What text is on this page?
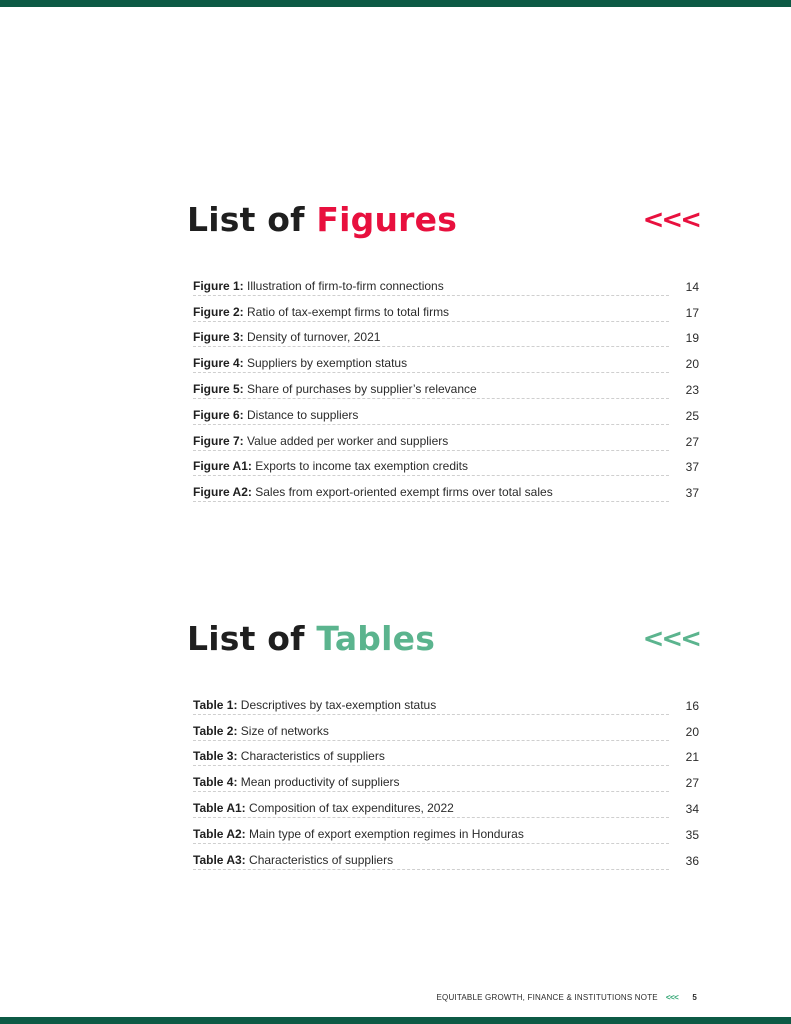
List of Figures	<<<
Figure 1: Illustration of firm-to-firm connections	14
Figure 2: Ratio of tax-exempt firms to total firms	17
Figure 3: Density of turnover, 2021	19
Figure 4: Suppliers by exemption status	20
Figure 5: Share of purchases by supplier’s relevance	23
Figure 6: Distance to suppliers	25
Figure 7: Value added per worker and suppliers	27
Figure A1: Exports to income tax exemption credits	37
Figure A2: Sales from export-oriented exempt firms over total sales	37
List of Tables	<<<
Table 1: Descriptives by tax-exemption status	16
Table 2: Size of networks	20
Table 3: Characteristics of suppliers	21
Table 4: Mean productivity of suppliers	27
Table A1: Composition of tax expenditures, 2022	34
Table A2: Main type of export exemption regimes in Honduras	35
Table A3: Characteristics of suppliers	36
EQUITABLE GROWTH, FINANCE & INSTITUTIONS NOTE <<< 5
